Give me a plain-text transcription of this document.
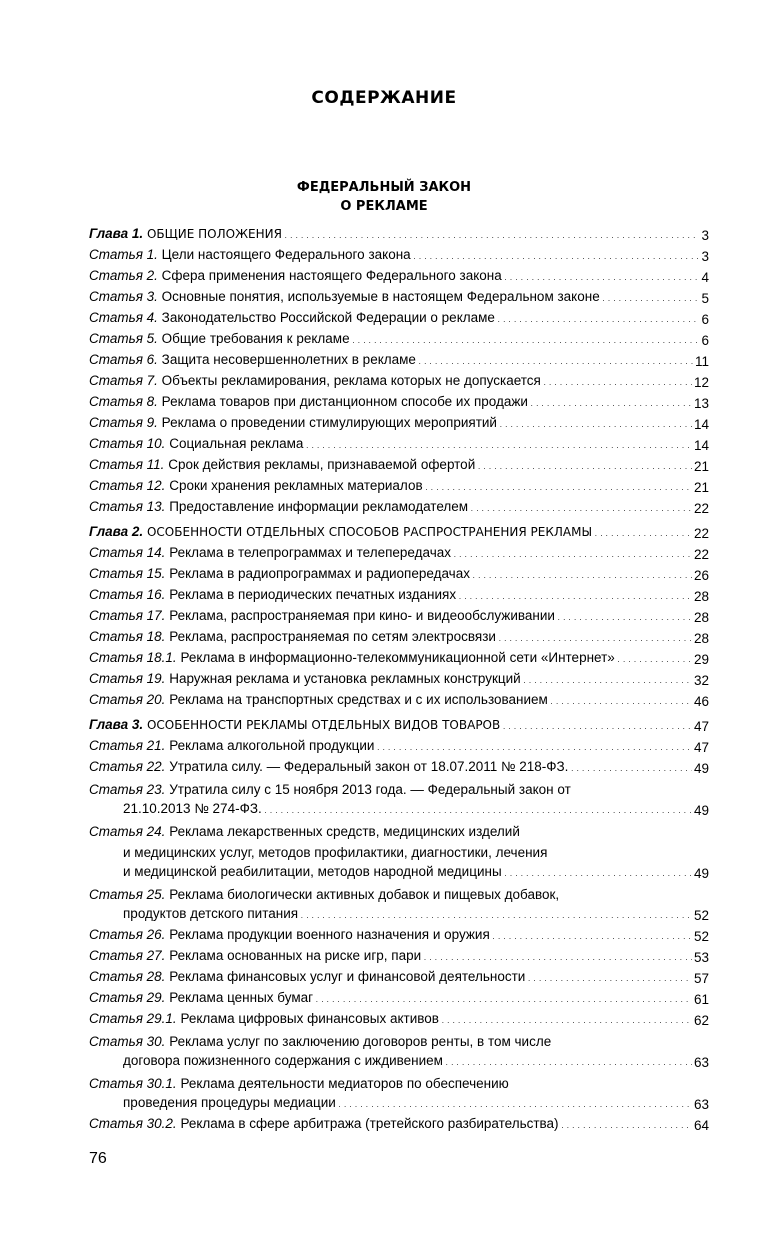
СОДЕРЖАНИЕ
ФЕДЕРАЛЬНЫЙ ЗАКОН
О РЕКЛАМЕ
Глава 1. ОБЩИЕ ПОЛОЖЕНИЯ . . .	3
Статья 1. Цели настоящего Федерального закона . . .	3
Статья 2. Сфера применения настоящего Федерального закона . . .	4
Статья 3. Основные понятия, используемые в настоящем Федеральном законе . . .	5
Статья 4. Законодательство Российской Федерации о рекламе . . .	6
Статья 5. Общие требования к рекламе . . .	6
Статья 6. Защита несовершеннолетних в рекламе . . .	11
Статья 7. Объекты рекламирования, реклама которых не допускается . . .	12
Статья 8. Реклама товаров при дистанционном способе их продажи . . .	13
Статья 9. Реклама о проведении стимулирующих мероприятий . . .	14
Статья 10. Социальная реклама . . .	14
Статья 11. Срок действия рекламы, признаваемой офертой . . .	21
Статья 12. Сроки хранения рекламных материалов . . .	21
Статья 13. Предоставление информации рекламодателем . . .	22
Глава 2. ОСОБЕННОСТИ ОТДЕЛЬНЫХ СПОСОБОВ РАСПРОСТРАНЕНИЯ РЕКЛАМЫ . . .	22
Статья 14. Реклама в телепрограммах и телепередачах . . .	22
Статья 15. Реклама в радиопрограммах и радиопередачах . . .	26
Статья 16. Реклама в периодических печатных изданиях . . .	28
Статья 17. Реклама, распространяемая при кино- и видеообслуживании . . .	28
Статья 18. Реклама, распространяемая по сетям электросвязи . . .	28
Статья 18.1. Реклама в информационно-телекоммуникационной сети «Интернет» . . .	29
Статья 19. Наружная реклама и установка рекламных конструкций . . .	32
Статья 20. Реклама на транспортных средствах и с их использованием . . .	46
Глава 3. ОСОБЕННОСТИ РЕКЛАМЫ ОТДЕЛЬНЫХ ВИДОВ ТОВАРОВ . . .	47
Статья 21. Реклама алкогольной продукции . . .	47
Статья 22. Утратила силу. — Федеральный закон от 18.07.2011 № 218-ФЗ. . . .	49
Статья 23. Утратила силу с 15 ноября 2013 года. — Федеральный закон от
21.10.2013 № 274-ФЗ. . . .	49
Статья 24. Реклама лекарственных средств, медицинских изделий
и медицинских услуг, методов профилактики, диагностики, лечения
и медицинской реабилитации, методов народной медицины . . .	49
Статья 25. Реклама биологически активных добавок и пищевых добавок,
продуктов детского питания . . .	52
Статья 26. Реклама продукции военного назначения и оружия . . .	52
Статья 27. Реклама основанных на риске игр, пари . . .	53
Статья 28. Реклама финансовых услуг и финансовой деятельности . . .	57
Статья 29. Реклама ценных бумаг . . .	61
Статья 29.1. Реклама цифровых финансовых активов . . .	62
Статья 30. Реклама услуг по заключению договоров ренты, в том числе
договора пожизненного содержания с иждивением . . .	63
Статья 30.1. Реклама деятельности медиаторов по обеспечению
проведения процедуры медиации . . .	63
Статья 30.2. Реклама в сфере арбитража (третейского разбирательства) . . .	64
76
